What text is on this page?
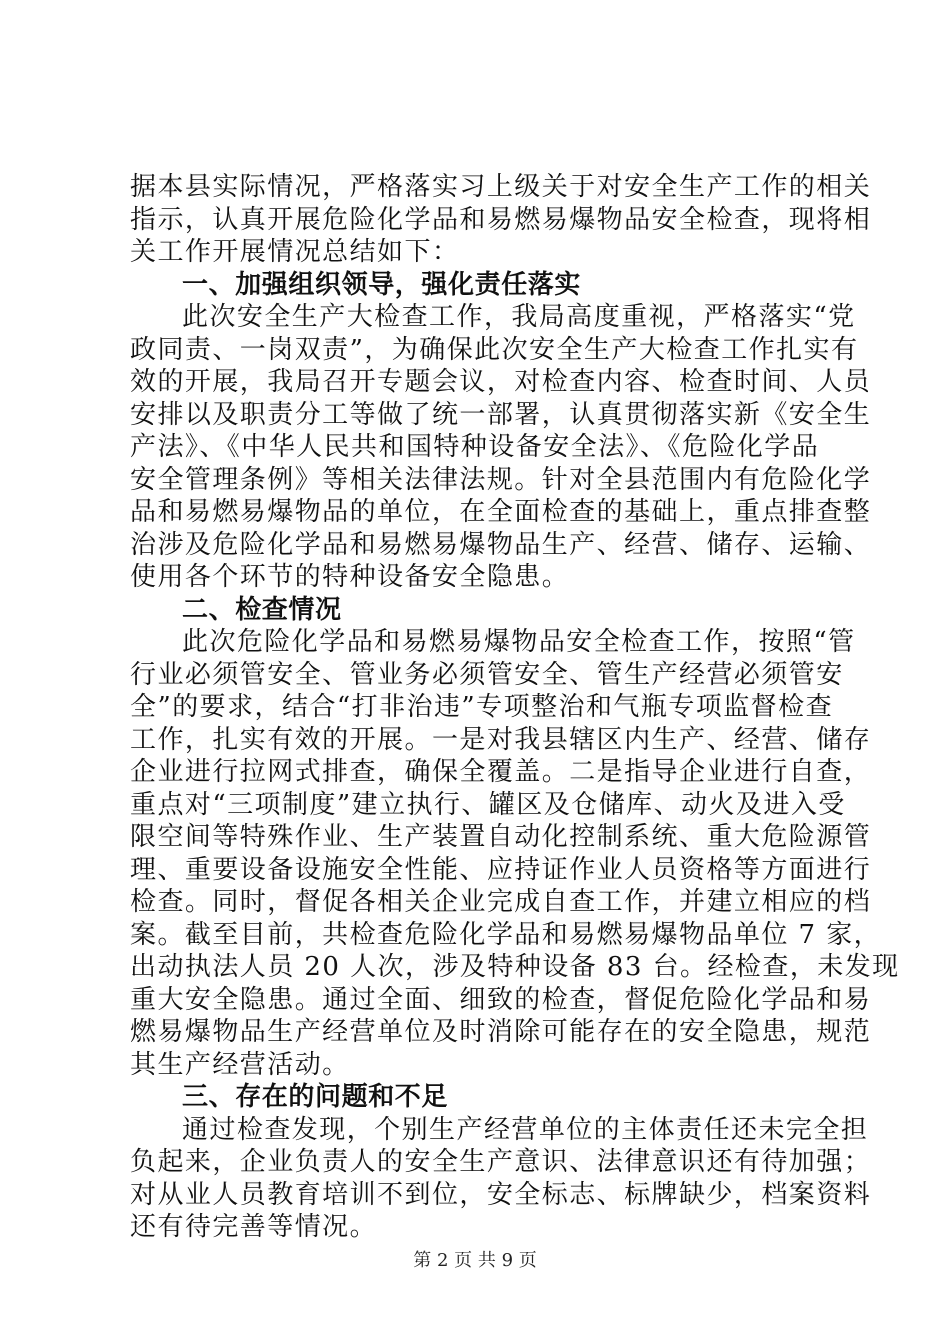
据本县实际情况，严格落实习上级关于对安全生产工作的相关
指示，认真开展危险化学品和易燃易爆物品安全检查，现将相
关工作开展情况总结如下：
一、加强组织领导，强化责任落实
此次安全生产大检查工作，我局高度重视，严格落实“党
政同责、一岗双责”，为确保此次安全生产大检查工作扎实有
效的开展，我局召开专题会议，对检查内容、检查时间、人员
安排以及职责分工等做了统一部署，认真贯彻落实新《安全生
产法》、《中华人民共和国特种设备安全法》、《危险化学品
安全管理条例》等相关法律法规。针对全县范围内有危险化学
品和易燃易爆物品的单位，在全面检查的基础上，重点排查整
治涉及危险化学品和易燃易爆物品生产、经营、储存、运输、
使用各个环节的特种设备安全隐患。
二、检查情况
此次危险化学品和易燃易爆物品安全检查工作，按照“管
行业必须管安全、管业务必须管安全、管生产经营必须管安
全”的要求，结合“打非治违”专项整治和气瓶专项监督检查
工作，扎实有效的开展。一是对我县辖区内生产、经营、储存
企业进行拉网式排查，确保全覆盖。二是指导企业进行自查，
重点对“三项制度”建立执行、罐区及仓储库、动火及进入受
限空间等特殊作业、生产装置自动化控制系统、重大危险源管
理、重要设备设施安全性能、应持证作业人员资格等方面进行
检查。同时，督促各相关企业完成自查工作，并建立相应的档
案。截至目前，共检查危险化学品和易燃易爆物品单位 7 家，
出动执法人员 20 人次，涉及特种设备 83 台。经检查，未发现
重大安全隐患。通过全面、细致的检查，督促危险化学品和易
燃易爆物品生产经营单位及时消除可能存在的安全隐患，规范
其生产经营活动。
三、存在的问题和不足
通过检查发现，个别生产经营单位的主体责任还未完全担
负起来，企业负责人的安全生产意识、法律意识还有待加强；
对从业人员教育培训不到位，安全标志、标牌缺少，档案资料
还有待完善等情况。
第 2 页 共 9 页
